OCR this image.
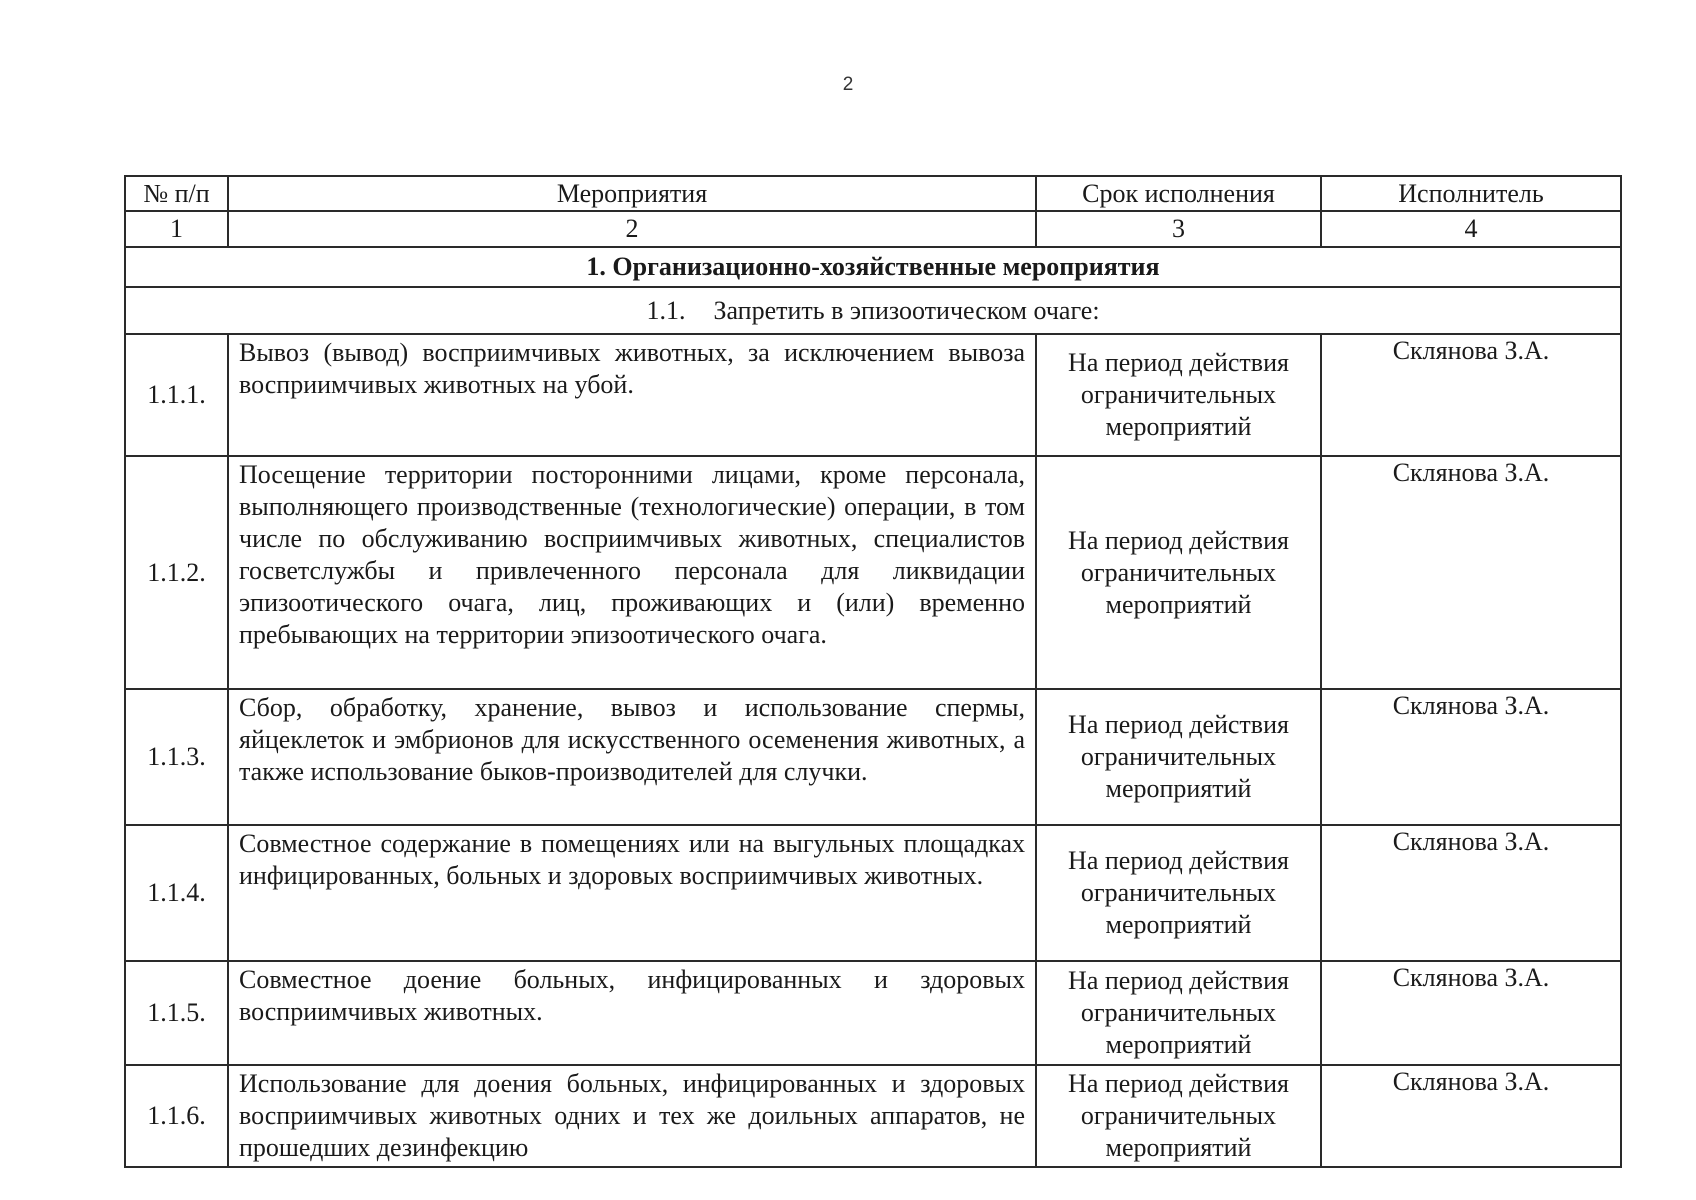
2
№ п/п	Мероприятия	Срок исполнения	Исполнитель
1	2	3	4
1. Организационно-хозяйственные мероприятия			
1.1. Запретить в эпизоотическом очаге:			
1.1.1.	Вывоз (вывод) восприимчивых животных, за исключением вывоза восприимчивых животных на убой.	На период действия ограничительных мероприятий	Склянова З.А.
1.1.2.	Посещение территории посторонними лицами, кроме персонала, выполняющего производственные (технологические) операции, в том числе по обслуживанию восприимчивых животных, специалистов госветслужбы и привлеченного персонала для ликвидации эпизоотического очага, лиц, проживающих и (или) временно пребывающих на территории эпизоотического очага.	На период действия ограничительных мероприятий	Склянова З.А.
1.1.3.	Сбор, обработку, хранение, вывоз и использование спермы, яйцеклеток и эмбрионов для искусственного осеменения животных, а также использование быков-производителей для случки.	На период действия ограничительных мероприятий	Склянова З.А.
1.1.4.	Совместное содержание в помещениях или на выгульных площадках инфицированных, больных и здоровых восприимчивых животных.	На период действия ограничительных мероприятий	Склянова З.А.
1.1.5.	Совместное доение больных, инфицированных и здоровых восприимчивых животных.	На период действия ограничительных мероприятий	Склянова З.А.
1.1.6.	Использование для доения больных, инфицированных и здоровых восприимчивых животных одних и тех же доильных аппаратов, не прошедших дезинфекцию	На период действия ограничительных мероприятий	Склянова З.А.
